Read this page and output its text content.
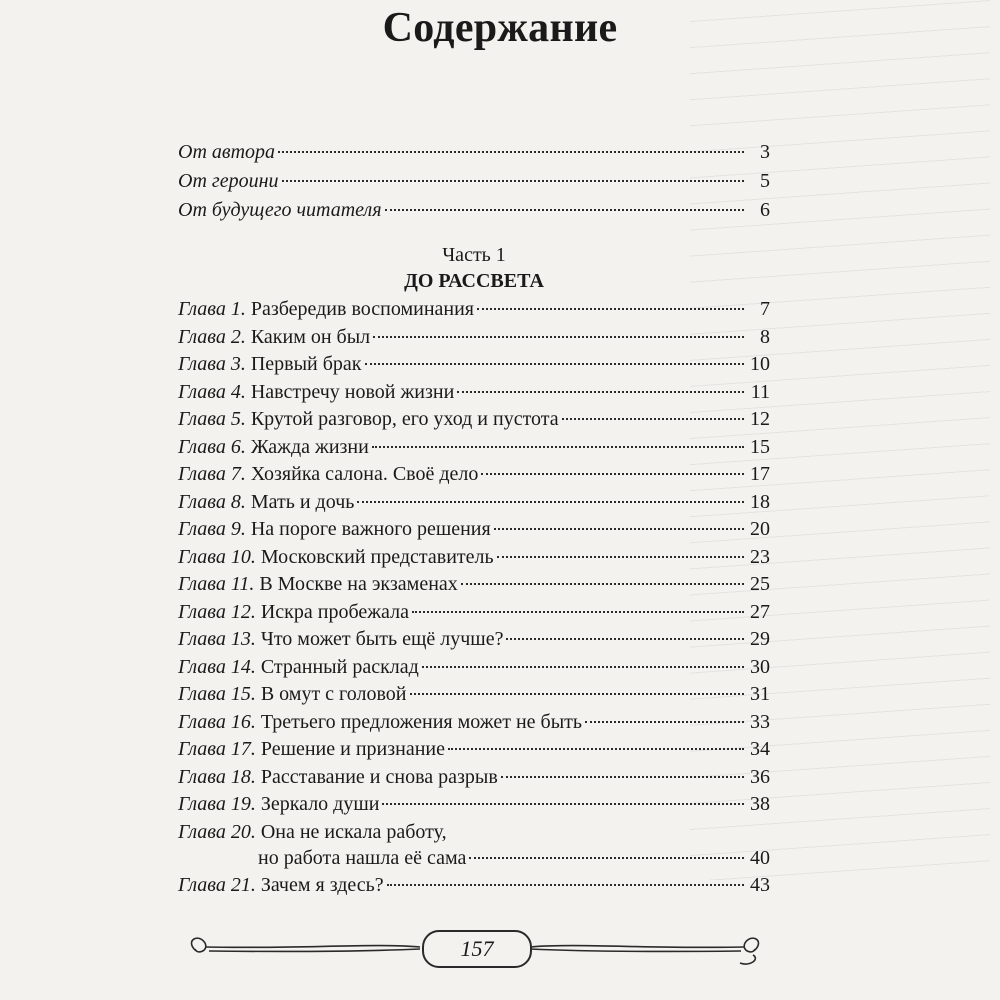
Содержание
От автора	3
От героини	5
От будущего читателя	6
Часть 1
ДО РАССВЕТА
Глава 1. Разбередив воспоминания	7
Глава 2. Каким он был	8
Глава 3. Первый брак	10
Глава 4. Навстречу новой жизни	11
Глава 5. Крутой разговор, его уход и пустота	12
Глава 6. Жажда жизни	15
Глава 7. Хозяйка салона. Своё дело	17
Глава 8. Мать и дочь	18
Глава 9. На пороге важного решения	20
Глава 10. Московский представитель	23
Глава 11. В Москве на экзаменах	25
Глава 12. Искра пробежала	27
Глава 13. Что может быть ещё лучше?	29
Глава 14. Странный расклад	30
Глава 15. В омут с головой	31
Глава 16. Третьего предложения может не быть	33
Глава 17. Решение и признание	34
Глава 18. Расставание и снова разрыв	36
Глава 19. Зеркало души	38
Глава 20. Она не искала работу,
но работа нашла её сама	40
Глава 21. Зачем я здесь?	43
157
